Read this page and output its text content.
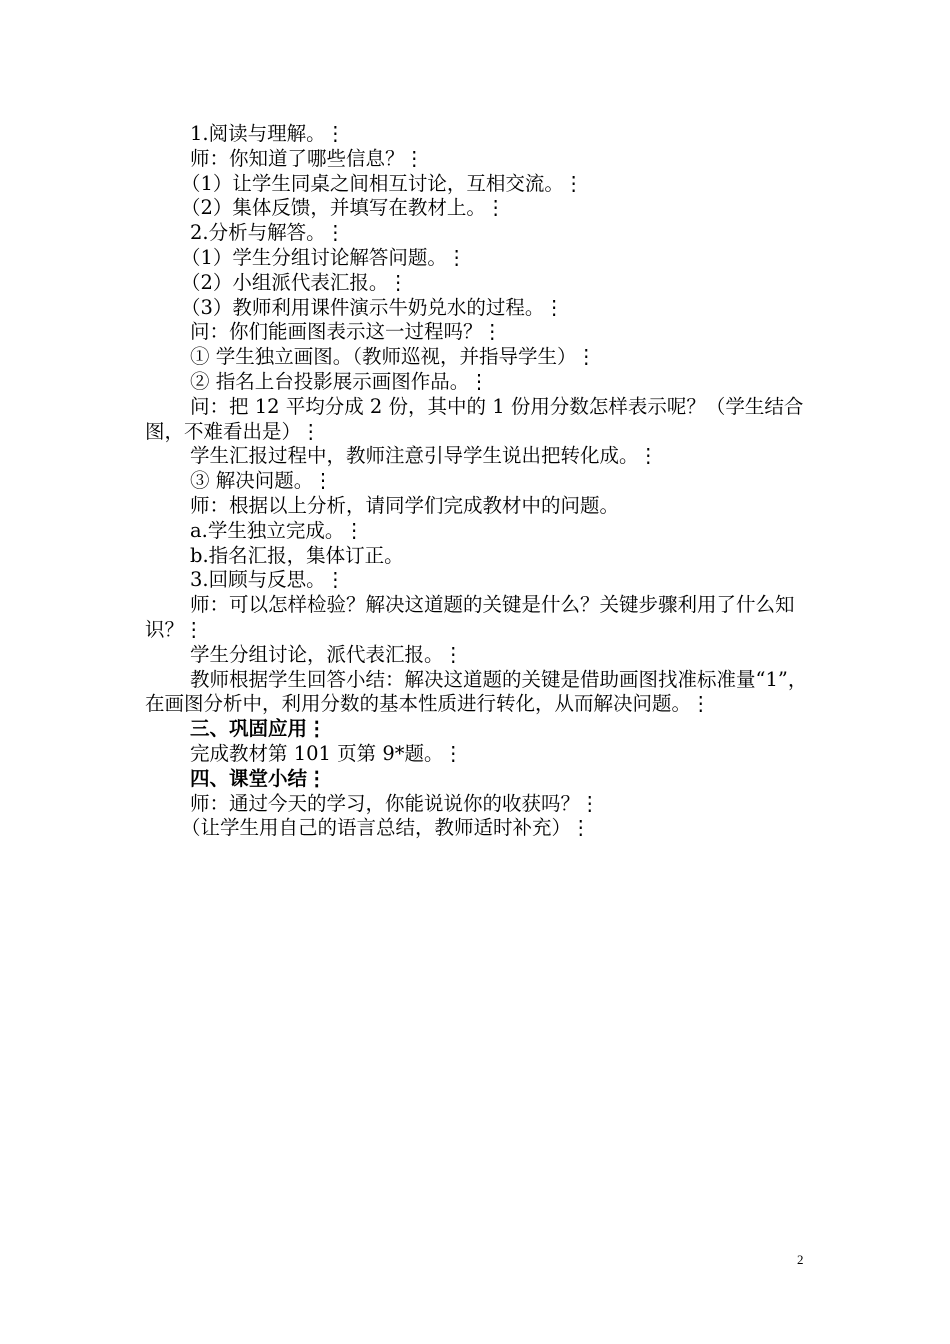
1.阅读与理解。⋮

师：你知道了哪些信息？⋮

（1）让学生同桌之间相互讨论，互相交流。⋮

（2）集体反馈，并填写在教材上。⋮

2.分析与解答。⋮

（1）学生分组讨论解答问题。⋮

（2）小组派代表汇报。⋮

（3）教师利用课件演示牛奶兑水的过程。⋮

问：你们能画图表示这一过程吗？⋮

① 学生独立画图。（教师巡视，并指导学生）⋮

② 指名上台投影展示画图作品。⋮

问：把 12 平均分成 2 份，其中的 1 份用分数怎样表示呢？（学生结合图，不难看出是）⋮

学生汇报过程中，教师注意引导学生说出把转化成。⋮

③ 解决问题。⋮

师：根据以上分析，请同学们完成教材中的问题。

a.学生独立完成。⋮

b.指名汇报，集体订正。

3.回顾与反思。⋮

师：可以怎样检验？解决这道题的关键是什么？关键步骤利用了什么知识？⋮

学生分组讨论，派代表汇报。⋮

教师根据学生回答小结：解决这道题的关键是借助画图找准标准量“1”，在画图分析中，利用分数的基本性质进行转化，从而解决问题。⋮

三、巩固应用⋮

完成教材第 101 页第 9*题。⋮

四、课堂小结⋮

师：通过今天的学习，你能说说你的收获吗？⋮

（让学生用自己的语言总结，教师适时补充）⋮

2
